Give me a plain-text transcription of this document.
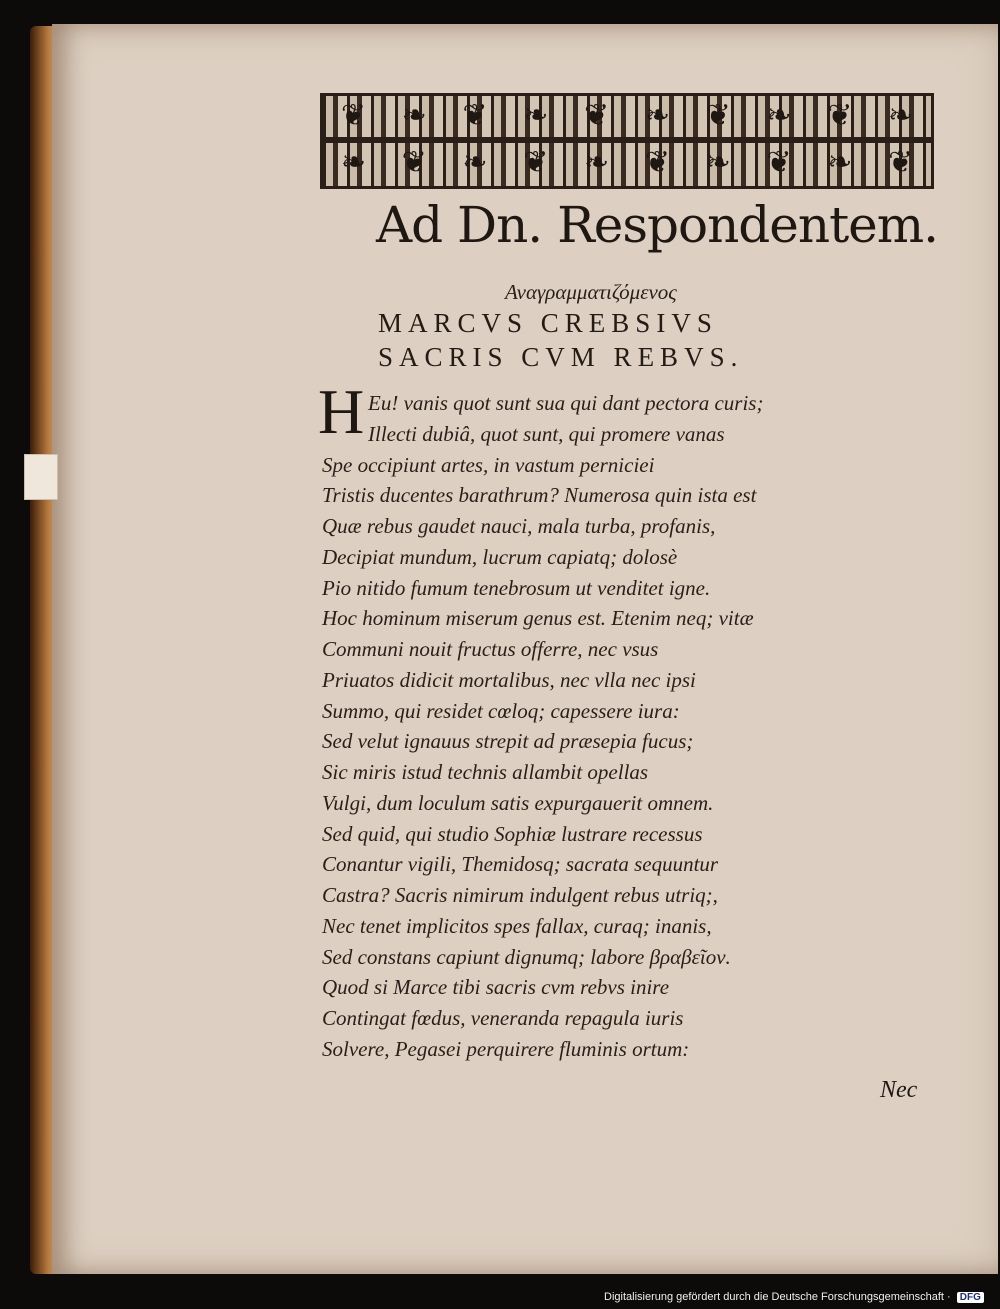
❦ ❧ ❦ ❧ ❦ ❧ ❦ ❧ ❦ ❧
❧ ❦ ❧ ❦ ❧ ❦ ❧ ❦ ❧ ❦
Ad Dn. Respondentem.
Αναγραμματιζόμενος
MARCVS CREBSIVS
SACRIS CVM REBVS.
H Eu! vanis quot sunt sua qui dant pectora curis;
Illecti dubiâ, quot sunt, qui promere vanas
Spe occipiunt artes, in vastum perniciei
Tristis ducentes barathrum? Numerosa quin ista est
Quæ rebus gaudet nauci, mala turba, profanis,
Decipiat mundum, lucrum capiatq; dolosè
Pio nitido fumum tenebrosum ut venditet igne.
Hoc hominum miserum genus est. Etenim neq; vitæ
Communi nouit fructus offerre, nec vsus
Priuatos didicit mortalibus, nec vlla nec ipsi
Summo, qui residet cœloq; capessere iura:
Sed velut ignauus strepit ad præsepia fucus;
Sic miris istud technis allambit opellas
Vulgi, dum loculum satis expurgauerit omnem.
Sed quid, qui studio Sophiæ lustrare recessus
Conantur vigili, Themidosq; sacrata sequuntur
Castra? Sacris nimirum indulgent rebus utriq;,
Nec tenet implicitos spes fallax, curaq; inanis,
Sed constans capiunt dignumq; labore βραβεῖον.
Quod si Marce tibi sacris cvm rebvs inire
Contingat fœdus, veneranda repagula iuris
Solvere, Pegasei perquirere fluminis ortum:
Nec
Digitalisierung gefördert durch die Deutsche Forschungsgemeinschaft · DFG
